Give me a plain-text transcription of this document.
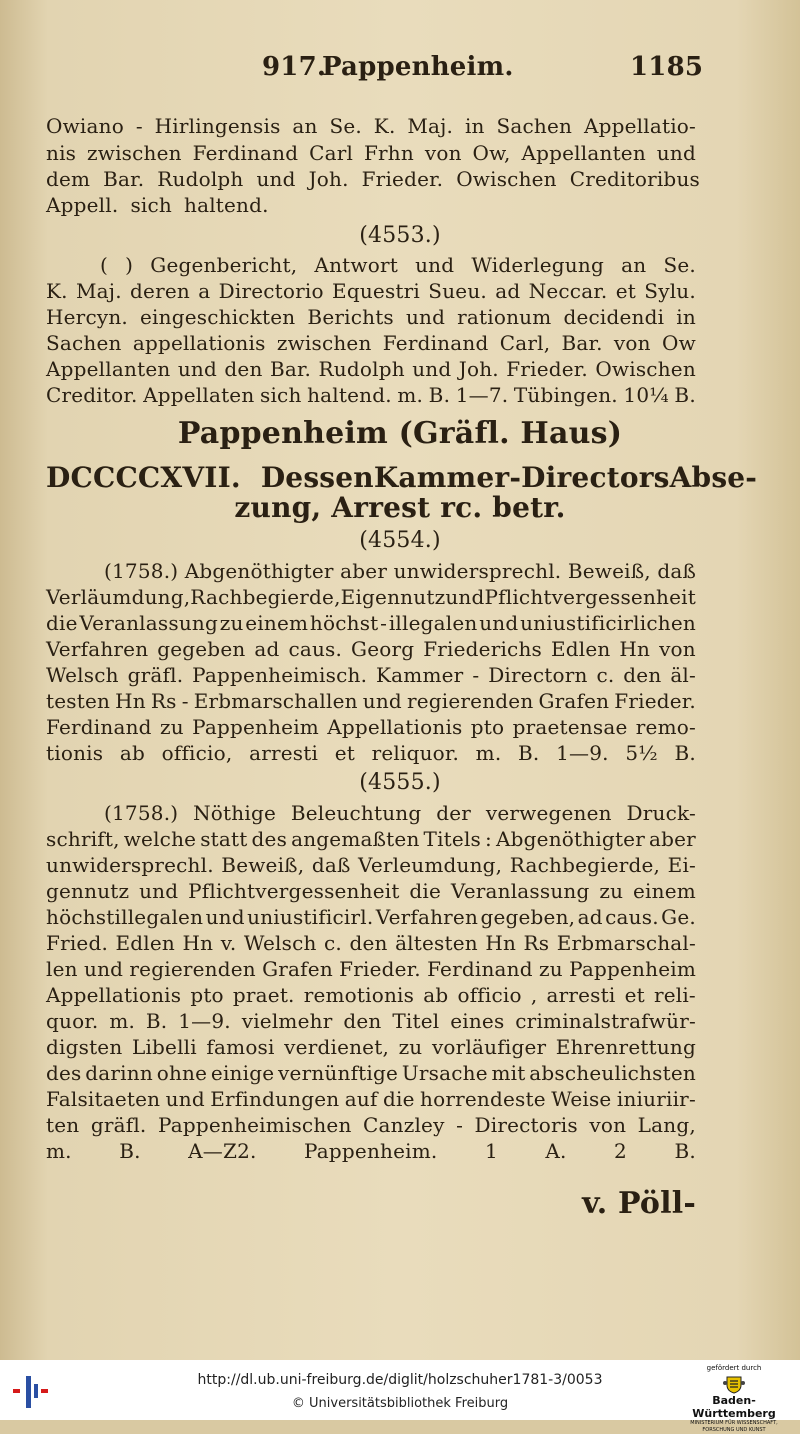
917.
Pappenheim.	1185
Owiano - Hirlingensis an Se. K. Maj. in Sachen Appellatio-
nis zwischen Ferdinand Carl Frhn von Ow, Appellanten und
dem Bar. Rudolph und Joh. Frieder. Owischen Creditoribus
Appell. sich haltend.
(4553.)
( ) Gegenbericht, Antwort und Widerlegung an Se.
K. Maj. deren a Directorio Equestri Sueu. ad Neccar. et Sylu.
Hercyn. eingeschickten Berichts und rationum decidendi in
Sachen appellationis zwischen Ferdinand Carl, Bar. von Ow
Appellanten und den Bar. Rudolph und Joh. Frieder. Owischen
Creditor. Appellaten sich haltend. m. B. 1—7. Tübingen. 10¼ B.
Pappenheim (Gräfl. Haus)
DCCCCXVII. Dessen Kammer - Directors Abse-
zung, Arrest rc. betr.
(4554.)
(1758.) Abgenöthigter aber unwidersprechl. Beweiß, daß
Verläumdung, Rachbegierde, Eigennutz und Pflichtvergessenheit
die Veranlassung zu einem höchst - illegalen und uniustificirlichen
Verfahren gegeben ad caus. Georg Friederichs Edlen Hn von
Welsch gräfl. Pappenheimisch. Kammer - Directorn c. den äl-
testen Hn Rs - Erbmarschallen und regierenden Grafen Frieder.
Ferdinand zu Pappenheim Appellationis pto praetensae remo-
tionis ab officio, arresti et reliquor. m. B. 1—9. 5½ B.
(4555.)
(1758.) Nöthige Beleuchtung der verwegenen Druck-
schrift, welche statt des angemaßten Titels : Abgenöthigter aber
unwidersprechl. Beweiß, daß Verleumdung, Rachbegierde, Ei-
gennutz und Pflichtvergessenheit die Veranlassung zu einem
höchstillegalen und uniustificirl. Verfahren gegeben, ad caus. Ge.
Fried. Edlen Hn v. Welsch c. den ältesten Hn Rs Erbmarschal-
len und regierenden Grafen Frieder. Ferdinand zu Pappenheim
Appellationis pto praet. remotionis ab officio , arresti et reli-
quor. m. B. 1—9. vielmehr den Titel eines criminalstrafwür-
digsten Libelli famosi verdienet, zu vorläufiger Ehrenrettung
des darinn ohne einige vernünftige Ursache mit abscheulichsten
Falsitaeten und Erfindungen auf die horrendeste Weise iniuriir-
ten gräfl. Pappenheimischen Canzley - Directoris von Lang,
m. B. A—Z2. Pappenheim. 1 A. 2 B.
v. Pöll-
http://dl.ub.uni-freiburg.de/diglit/holzschuher1781-3/0053
© Universitätsbibliothek Freiburg
gefördert durch
Baden-Württemberg
MINISTERIUM FÜR WISSENSCHAFT, FORSCHUNG UND KUNST
